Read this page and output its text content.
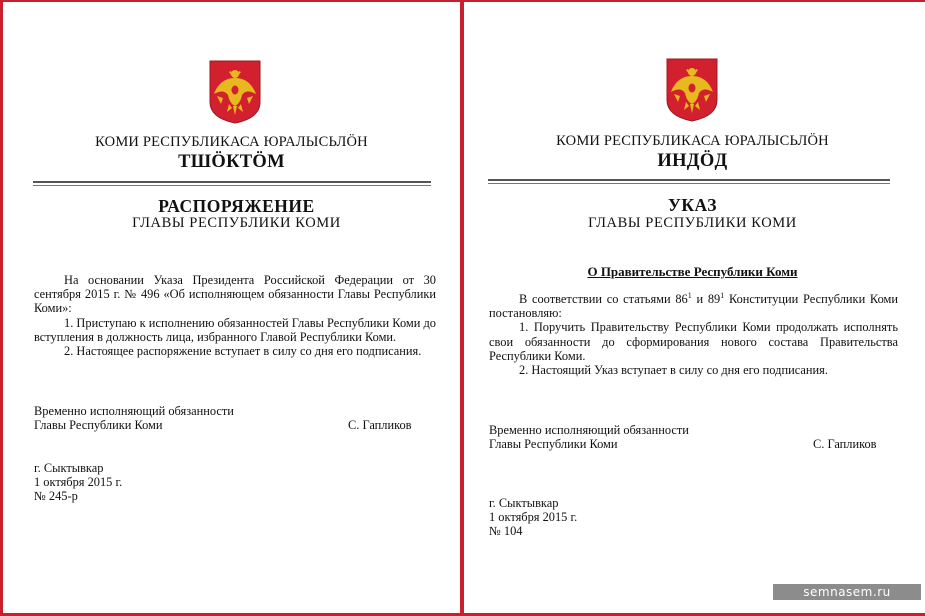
КОМИ РЕСПУБЛИКАСА ЮРАЛЫСЬЛӦН
ТШӦКТӦМ
РАСПОРЯЖЕНИЕ
ГЛАВЫ РЕСПУБЛИКИ КОМИ

На основании Указа Президента Российской Федерации от 30 сентября 2015 г. № 496 «Об исполняющем обязанности Главы Республики Коми»:

1. Приступаю к исполнению обязанностей Главы Республики Коми до вступления в должность лица, избранного Главой Республики Коми.

2. Настоящее распоряжение вступает в силу со дня его подписания.

Временно исполняющий обязанности
Главы Республики Коми	С. Гапликов
г. Сыктывкар
1 октября 2015 г.
№ 245-р
КОМИ РЕСПУБЛИКАСА ЮРАЛЫСЬЛӦН
ИНДӦД
УКАЗ
ГЛАВЫ РЕСПУБЛИКИ КОМИ
О Правительстве Республики Коми

В соответствии со статьями $86^1$ и $89^1$ Конституции Республики Коми постановляю:

1. Поручить Правительству Республики Коми продолжать исполнять свои обязанности до сформирования нового состава Правительства Республики Коми.

2. Настоящий Указ вступает в силу со дня его подписания.

Временно исполняющий обязанности
Главы Республики Коми	С. Гапликов
г. Сыктывкар
1 октября 2015 г.
№ 104
semnasem.ru
